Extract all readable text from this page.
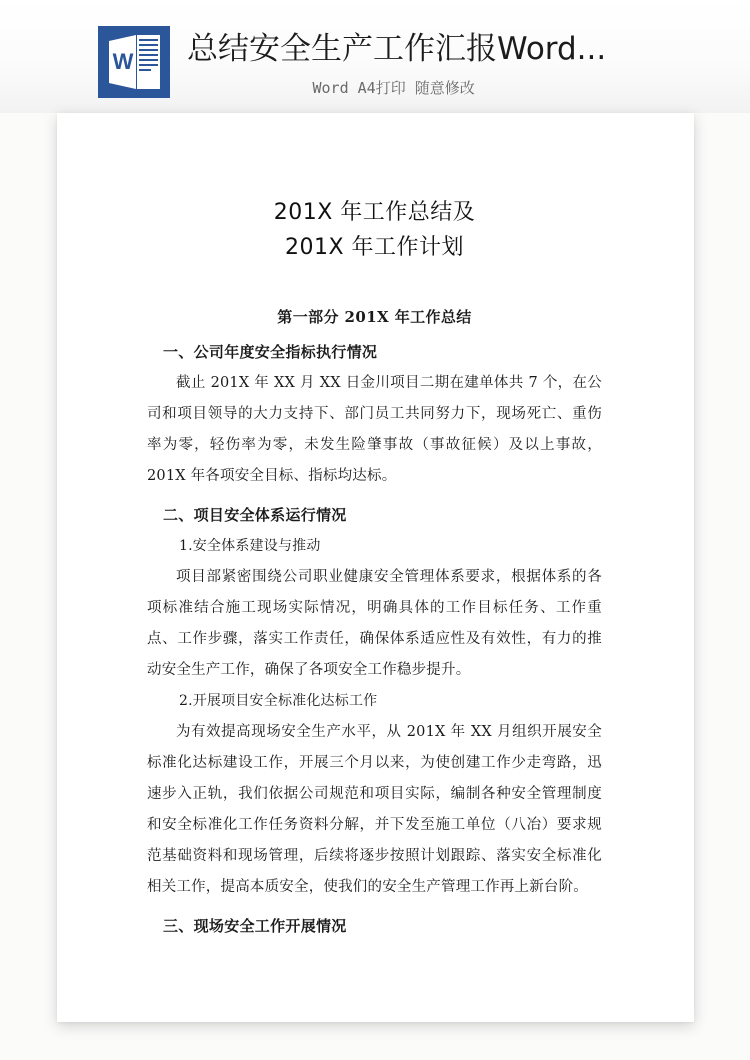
W 总结安全生产工作汇报Word...
Word A4打印 随意修改
201X 年工作总结及
201X 年工作计划
第一部分 201X 年工作总结
一、公司年度安全指标执行情况
截止 201X 年 XX 月 XX 日金川项目二期在建单体共 7 个，在公司和项目领导的大力支持下、部门员工共同努力下，现场死亡、重伤率为零，轻伤率为零，未发生险肇事故（事故征候）及以上事故，201X 年各项安全目标、指标均达标。
二、项目安全体系运行情况
1.安全体系建设与推动
项目部紧密围绕公司职业健康安全管理体系要求，根据体系的各项标准结合施工现场实际情况，明确具体的工作目标任务、工作重点、工作步骤，落实工作责任，确保体系适应性及有效性，有力的推动安全生产工作，确保了各项安全工作稳步提升。
2.开展项目安全标准化达标工作
为有效提高现场安全生产水平，从 201X 年 XX 月组织开展安全标准化达标建设工作，开展三个月以来，为使创建工作少走弯路，迅速步入正轨，我们依据公司规范和项目实际，编制各种安全管理制度和安全标准化工作任务资料分解，并下发至施工单位（八冶）要求规范基础资料和现场管理，后续将逐步按照计划跟踪、落实安全标准化相关工作，提高本质安全，使我们的安全生产管理工作再上新台阶。
三、现场安全工作开展情况
